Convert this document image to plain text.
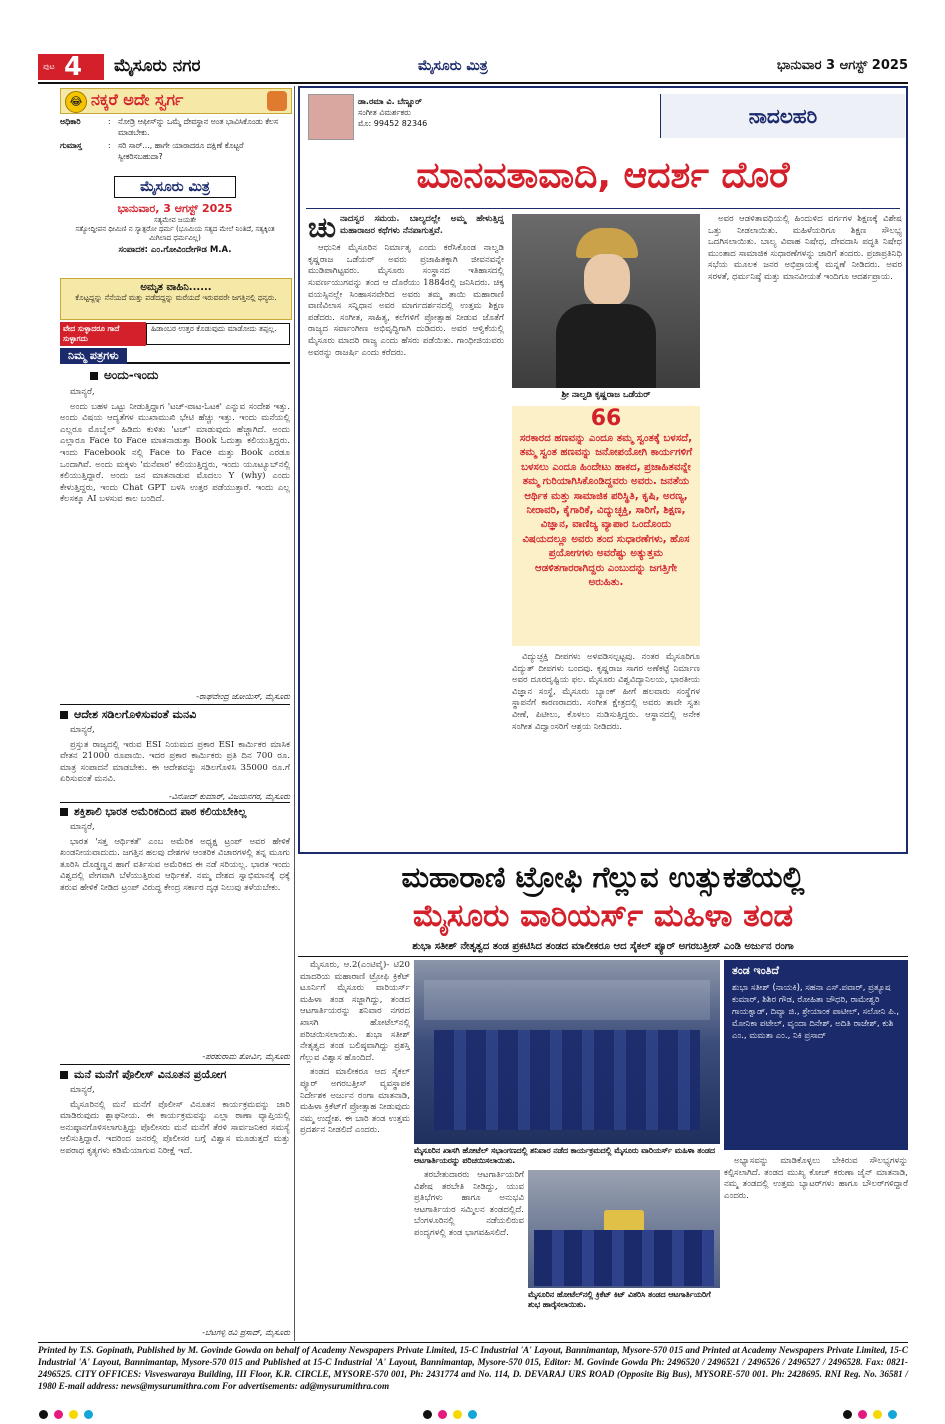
ಪುಟ 4 ಮೈಸೂರು ನಗರ	ಮೈಸೂರು ಮಿತ್ರ	ಭಾನುವಾರ 3 ಆಗಸ್ಟ್ 2025
😂 ನಕ್ಕರೆ ಅದೇ ಸ್ವರ್ಗ
ಅಧಿಕಾರಿ	: ನೋಡ್ರಿ ಆಫೀಸ್‌ನ್ನು ಒಮ್ಮೆ ದೇವಸ್ಥಾನ ಅಂತ ಭಾವಿಸಿಕೊಂಡು ಕೆಲಸ ಮಾಡಬೇಕು.
ಗುಮಾಸ್ತ	: ಸರಿ ಸಾರ್..., ಹಾಗೇ ಯಾರಾದರೂ ದಕ್ಷಿಣೆ ಕೊಟ್ಟರೆ ಸ್ವೀಕರಿಸಬಹುದಾ?
ಮೈಸೂರು ಮಿತ್ರ
ಭಾನುವಾರ, 3 ಆಗಸ್ಟ್ 2025
ಸತ್ಯಮೇವ ಜಯತೇ
ಸತ್ಯೋದ್ದೀಪನ ಧೀಮಿಣಿ ನ ಸ್ಯಾತ್ಪರೋ ಧರ್ಮ (ಭೂಮಿಯ ಸತ್ಯದ ಮೇಲೆ ನಿಂತಿದೆ, ಸತ್ಯಕ್ಕಿಂತ ಮಿಗಿಲಾದ ಧರ್ಮವಿಲ್ಲ)
ಸಂಪಾದಕ: ಎಂ.ಗೋವಿಂದೇಗೌಡ M.A.
ಅಮೃತ ವಾಹಿನಿ......
ಕೊಟ್ಟದ್ದನ್ನು ನೆನೆಯದೆ ಮತ್ತು ಪಡೆದದ್ದನ್ನು ಮರೆಯದೆ ಇರುವವರೇ ಜಗತ್ತಿನಲ್ಲಿ ಧನ್ಯರು.
ವೇದ ಸುಳ್ಳಾದರೂ ಗಾದೆ ಸುಳ್ಳಾಗದು
ಹಿಡಾಂಬರ ಉತ್ತರ ಕೊಡುವುದು ಮಾಡೋದು ತಪ್ಪಲ್ಲ.
ನಿಮ್ಮ ಪತ್ರಗಳು
ಅಂದು-ಇಂದು

ಮಾನ್ಯರೆ,

ಅಂದು ಬಹಳ ಒಟ್ಟು ನೀಡುತ್ತಿದ್ದಾಗ 'ಟಚ್-ವಾಟ-ಓಟಕ' ಎನ್ನುವ ಸಂದೇಶ ಇತ್ತು. ಅಂದು ವಿಷಯ ಆದ್ಯತೆಗಳ ಮುಖಾಮುಖಿ ಭೇಟಿ ಹೆಚ್ಚು ಇತ್ತು. ಇಂದು ಮನೆಯಲ್ಲಿ ಎಲ್ಲರೂ ಮೊಬೈಲ್ ಹಿಡಿದು ಕುಳಿತು 'ಟಚ್' ಮಾಡುವುದು ಹೆಚ್ಚಾಗಿದೆ. ಅಂದು ಎಲ್ಲಾರೂ Face to Face ಮಾತನಾಡುತ್ತಾ Book ಓದುತ್ತಾ ಕಲಿಯುತ್ತಿದ್ದರು. ಇಂದು Facebook ನಲ್ಲಿ Face to Face ಮತ್ತು Book ಎರಡೂ ಒಂದಾಗಿವೆ. ಅಂದು ಮಕ್ಕಳು 'ಮನೆಪಾಠ' ಕಲಿಯುತ್ತಿದ್ದರು, ಇಂದು ಯೂಟ್ಯೂಬ್‌ನಲ್ಲಿ ಕಲಿಯುತ್ತಿದ್ದಾರೆ. ಅಂದು ಜನ ಮಾತನಾಡುವ ಮೊದಲು Y (why) ಎಂದು ಕೇಳುತ್ತಿದ್ದರು, ಇಂದು Chat GPT ಬಳಸಿ ಉತ್ತರ ಪಡೆಯುತ್ತಾರೆ. ಇಂದು ಎಲ್ಲ ಕೆಲಸಕ್ಕೂ AI ಬಳಸುವ ಕಾಲ ಬಂದಿದೆ.

-ರಾಘವೇಂದ್ರ ಜೋಯಿಸ್, ಮೈಸೂರು
ಆದೇಶ ಸಡಿಲಗೊಳಿಸುವಂತೆ ಮನವಿ

ಮಾನ್ಯರೆ,

ಪ್ರಸ್ತುತ ರಾಜ್ಯದಲ್ಲಿ ಇರುವ ESI ನಿಯಮದ ಪ್ರಕಾರ ESI ಕಾರ್ಮಿಕರ ಮಾಸಿಕ ವೇತನ 21000 ರೂಪಾಯಿ. ಇದರ ಪ್ರಕಾರ ಕಾರ್ಮಿಕರು ಪ್ರತಿ ದಿನ 700 ರೂ. ಮಾತ್ರ ಸಂಪಾದನೆ ಮಾಡಬೇಕು. ಈ ಆದೇಶವನ್ನು ಸಡಿಲಗೊಳಿಸಿ 35000 ರೂ.ಗೆ ಏರಿಸುವಂತೆ ಮನವಿ.

-ವಿನೋದ್ ಕುಮಾರ್, ವಿಜಯನಗರ, ಮೈಸೂರು
ಶಕ್ತಿಶಾಲಿ ಭಾರತ ಅಮೆರಿಕದಿಂದ ಪಾಠ ಕಲಿಯಬೇಕಿಲ್ಲ

ಮಾನ್ಯರೆ,

ಭಾರತ 'ಸತ್ತ ಆರ್ಥಿಕತೆ' ಎಂಬ ಅಮೆರಿಕ ಅಧ್ಯಕ್ಷ ಟ್ರಂಪ್ ಅವರ ಹೇಳಿಕೆ ಖಂಡನೀಯವಾದುದು. ಜಗತ್ತಿನ ಹಲವು ದೇಶಗಳ ಆಂತರಿಕ ವಿಚಾರಗಳಲ್ಲಿ ತನ್ನ ಮೂಗು ತೂರಿಸಿ ದೊಡ್ಡಣ್ಣನ ಹಾಗೆ ವರ್ತಿಸುವ ಅಮೆರಿಕದ ಈ ನಡೆ ಸರಿಯಲ್ಲ. ಭಾರತ ಇಂದು ವಿಶ್ವದಲ್ಲಿ ವೇಗವಾಗಿ ಬೆಳೆಯುತ್ತಿರುವ ಆರ್ಥಿಕತೆ. ನಮ್ಮ ದೇಶದ ಸ್ವಾಭಿಮಾನಕ್ಕೆ ಧಕ್ಕೆ ತರುವ ಹೇಳಿಕೆ ನೀಡಿದ ಟ್ರಂಪ್ ವಿರುದ್ಧ ಕೇಂದ್ರ ಸರ್ಕಾರ ದೃಢ ನಿಲುವು ತಳೆಯಬೇಕು.

-ಪರಶುರಾಮ ತೋರ್ವಿ, ಮೈಸೂರು
ಮನೆ ಮನೆಗೆ ಪೊಲೀಸ್ ವಿನೂತನ ಪ್ರಯೋಗ

ಮಾನ್ಯರೆ,

ಮೈಸೂರಿನಲ್ಲಿ ಮನೆ ಮನೆಗೆ ಪೊಲೀಸ್ ವಿನೂತನ ಕಾರ್ಯಕ್ರಮವನ್ನು ಜಾರಿ ಮಾಡಿರುವುದು ಶ್ಲಾಘನೀಯ. ಈ ಕಾರ್ಯಕ್ರಮವನ್ನು ಎಲ್ಲಾ ಠಾಣಾ ವ್ಯಾಪ್ತಿಯಲ್ಲಿ ಅನುಷ್ಠಾನಗೊಳಿಸಲಾಗುತ್ತಿದ್ದು ಪೊಲೀಸರು ಮನೆ ಮನೆಗೆ ತೆರಳಿ ಸಾರ್ವಜನಿಕರ ಸಮಸ್ಯೆ ಆಲಿಸುತ್ತಿದ್ದಾರೆ. ಇದರಿಂದ ಜನರಲ್ಲಿ ಪೊಲೀಸರ ಬಗ್ಗೆ ವಿಶ್ವಾಸ ಮೂಡುತ್ತದೆ ಮತ್ತು ಅಪರಾಧ ಕೃತ್ಯಗಳು ಕಡಿಮೆಯಾಗುವ ನಿರೀಕ್ಷೆ ಇದೆ.

-ಬೆಟಗಳ್ಳಿ ರವಿ ಪ್ರಸಾದ್, ಮೈಸೂರು
ಡಾ.ರಮಾ ವಿ. ಬೆಣ್ಣೂರ್
ಸಂಗೀತ ವಿಮರ್ಶಕರು
ಮೊ: 99452 82346	ನಾದಲಹರಿ
ಮಾನವತಾವಾದಿ, ಆದರ್ಶ ದೊರೆ
ಚುನಾದಸ್ವರ ಸಮಯ. ಬಾಲ್ಯದಲ್ಲೇ ಅಮ್ಮ ಹೇಳುತ್ತಿದ್ದ ಮಹಾರಾಜರ ಕಥೆಗಳು ನೆನಪಾಗುತ್ತವೆ.

ಆಧುನಿಕ ಮೈಸೂರಿನ ನಿರ್ಮಾತೃ ಎಂದು ಕರೆಸಿಕೊಂಡ ನಾಲ್ವಡಿ ಕೃಷ್ಣರಾಜ ಒಡೆಯರ್ ಅವರು ಪ್ರಜಾಹಿತಕ್ಕಾಗಿ ಜೀವನವನ್ನೇ ಮುಡಿಪಾಗಿಟ್ಟವರು. ಮೈಸೂರು ಸಂಸ್ಥಾನದ ಇತಿಹಾಸದಲ್ಲಿ ಸುವರ್ಣಯುಗವನ್ನು ತಂದ ಆ ದೊರೆಯು 1884ರಲ್ಲಿ ಜನಿಸಿದರು. ಚಿಕ್ಕ ವಯಸ್ಸಿನಲ್ಲೇ ಸಿಂಹಾಸನವೇರಿದ ಅವರು ತಮ್ಮ ತಾಯಿ ಮಹಾರಾಣಿ ವಾಣಿವಿಲಾಸ ಸನ್ನಿಧಾನ ಅವರ ಮಾರ್ಗದರ್ಶನದಲ್ಲಿ ಉತ್ತಮ ಶಿಕ್ಷಣ ಪಡೆದರು. ಸಂಗೀತ, ಸಾಹಿತ್ಯ, ಕಲೆಗಳಿಗೆ ಪ್ರೋತ್ಸಾಹ ನೀಡುವ ಜೊತೆಗೆ ರಾಜ್ಯದ ಸರ್ವಾಂಗೀಣ ಅಭಿವೃದ್ಧಿಗಾಗಿ ದುಡಿದರು. ಅವರ ಆಳ್ವಿಕೆಯಲ್ಲಿ ಮೈಸೂರು ಮಾದರಿ ರಾಜ್ಯ ಎಂದು ಹೆಸರು ಪಡೆಯಿತು. ಗಾಂಧೀಜಿಯವರು ಅವರನ್ನು ರಾಜರ್ಷಿ ಎಂದು ಕರೆದರು.

ಶ್ರೀ ನಾಲ್ವಡಿ ಕೃಷ್ಣರಾಜ ಒಡೆಯರ್
66
ಸರಕಾರದ ಹಣವನ್ನು ಎಂದೂ ತಮ್ಮ ಸ್ವಂತಕ್ಕೆ ಬಳಸದೆ, ತಮ್ಮ ಸ್ವಂತ ಹಣವನ್ನು ಜನೋಪಯೋಗಿ ಕಾರ್ಯಗಳಿಗೆ ಬಳಸಲು ಎಂದೂ ಹಿಂದೇಟು ಹಾಕದ, ಪ್ರಜಾಹಿತವನ್ನೇ ತಮ್ಮ ಗುರಿಯಾಗಿಸಿಕೊಂಡಿದ್ದವರು ಅವರು. ಜನತೆಯ ಆರ್ಥಿಕ ಮತ್ತು ಸಾಮಾಜಿಕ ಪರಿಸ್ಥಿತಿ, ಕೃಷಿ, ಅರಣ್ಯ, ನೀರಾವರಿ, ಕೈಗಾರಿಕೆ, ವಿದ್ಯುಚ್ಛಕ್ತಿ, ಸಾರಿಗೆ, ಶಿಕ್ಷಣ, ವಿಜ್ಞಾನ, ವಾಣಿಜ್ಯ ವ್ಯಾಪಾರ ಒಂದೊಂದು ವಿಷಯದಲ್ಲೂ ಅವರು ತಂದ ಸುಧಾರಣೆಗಳು, ಹೊಸ ಪ್ರಯೋಗಗಳು ಅವರೆಷ್ಟು ಅತ್ಯುತ್ತಮ ಆಡಳಿತಗಾರರಾಗಿದ್ದರು ಎಂಬುದನ್ನು ಜಗತ್ತಿಗೇ ಅರುಹಿತು.

ವಿದ್ಯುಚ್ಛಕ್ತಿ ದೀಪಗಳು ಅಳವಡಿಸಲ್ಪಟ್ಟವು. ನಂತರ ಮೈಸೂರಿಗೂ ವಿದ್ಯುತ್ ದೀಪಗಳು ಬಂದವು. ಕೃಷ್ಣರಾಜ ಸಾಗರ ಅಣೆಕಟ್ಟೆ ನಿರ್ಮಾಣ ಅವರ ದೂರದೃಷ್ಟಿಯ ಫಲ. ಮೈಸೂರು ವಿಶ್ವವಿದ್ಯಾನಿಲಯ, ಭಾರತೀಯ ವಿಜ್ಞಾನ ಸಂಸ್ಥೆ, ಮೈಸೂರು ಬ್ಯಾಂಕ್ ಹೀಗೆ ಹಲವಾರು ಸಂಸ್ಥೆಗಳ ಸ್ಥಾಪನೆಗೆ ಕಾರಣರಾದರು. ಸಂಗೀತ ಕ್ಷೇತ್ರದಲ್ಲಿ ಅವರು ತಾವೇ ಸ್ವತಃ ವೀಣೆ, ಪಿಟೀಲು, ಕೊಳಲು ನುಡಿಸುತ್ತಿದ್ದರು. ಆಸ್ಥಾನದಲ್ಲಿ ಅನೇಕ ಸಂಗೀತ ವಿದ್ವಾಂಸರಿಗೆ ಆಶ್ರಯ ನೀಡಿದರು.

ಅವರ ಆಡಳಿತಾವಧಿಯಲ್ಲಿ ಹಿಂದುಳಿದ ವರ್ಗಗಳ ಶಿಕ್ಷಣಕ್ಕೆ ವಿಶೇಷ ಒತ್ತು ನೀಡಲಾಯಿತು. ಮಹಿಳೆಯರಿಗೂ ಶಿಕ್ಷಣ ಸೌಲಭ್ಯ ಒದಗಿಸಲಾಯಿತು. ಬಾಲ್ಯ ವಿವಾಹ ನಿಷೇಧ, ದೇವದಾಸಿ ಪದ್ಧತಿ ನಿಷೇಧ ಮುಂತಾದ ಸಾಮಾಜಿಕ ಸುಧಾರಣೆಗಳನ್ನು ಜಾರಿಗೆ ತಂದರು. ಪ್ರಜಾಪ್ರತಿನಿಧಿ ಸಭೆಯ ಮೂಲಕ ಜನರ ಅಭಿಪ್ರಾಯಕ್ಕೆ ಮನ್ನಣೆ ನೀಡಿದರು. ಅವರ ಸರಳತೆ, ಧರ್ಮನಿಷ್ಠೆ ಮತ್ತು ಮಾನವೀಯತೆ ಇಂದಿಗೂ ಆದರ್ಶಪ್ರಾಯ.

ಮಹಾರಾಣಿ ಟ್ರೋಫಿ ಗೆಲ್ಲುವ ಉತ್ಸುಕತೆಯಲ್ಲಿ
ಮೈಸೂರು ವಾರಿಯರ್ಸ್ ಮಹಿಳಾ ತಂಡ
ಶುಭಾ ಸತೀಶ್ ನೇತೃತ್ವದ ತಂಡ ಪ್ರಕಟಿಸಿದ ತಂಡದ ಮಾಲೀಕರೂ ಆದ ಸೈಕಲ್ ಪ್ಯೂರ್ ಅಗರಬತ್ತೀಸ್ ಎಂಡಿ ಅರ್ಜುನ ರಂಗಾ

ಮೈಸೂರು, ಆ.2(ಎಂಟಿವೈ)- ಟಿ20 ಮಾದರಿಯ ಮಹಾರಾಣಿ ಟ್ರೋಫಿ ಕ್ರಿಕೆಟ್ ಟೂರ್ನಿಗೆ ಮೈಸೂರು ವಾರಿಯರ್ಸ್ ಮಹಿಳಾ ತಂಡ ಸಜ್ಜಾಗಿದ್ದು, ತಂಡದ ಆಟಗಾರ್ತಿಯರನ್ನು ಶನಿವಾರ ನಗರದ ಖಾಸಗಿ ಹೋಟೆಲ್‌ನಲ್ಲಿ ಪರಿಚಯಿಸಲಾಯಿತು. ಶುಭಾ ಸತೀಶ್ ನೇತೃತ್ವದ ತಂಡ ಬಲಿಷ್ಠವಾಗಿದ್ದು ಪ್ರಶಸ್ತಿ ಗೆಲ್ಲುವ ವಿಶ್ವಾಸ ಹೊಂದಿದೆ.

ತಂಡದ ಮಾಲೀಕರೂ ಆದ ಸೈಕಲ್ ಪ್ಯೂರ್ ಅಗರಬತ್ತೀಸ್ ವ್ಯವಸ್ಥಾಪಕ ನಿರ್ದೇಶಕ ಅರ್ಜುನ ರಂಗಾ ಮಾತನಾಡಿ, ಮಹಿಳಾ ಕ್ರಿಕೆಟ್‌ಗೆ ಪ್ರೋತ್ಸಾಹ ನೀಡುವುದು ನಮ್ಮ ಉದ್ದೇಶ. ಈ ಬಾರಿ ತಂಡ ಉತ್ತಮ ಪ್ರದರ್ಶನ ನೀಡಲಿದೆ ಎಂದರು.

ಮೈಸೂರಿನ ಖಾಸಗಿ ಹೋಟೆಲ್ ಸಭಾಂಗಣದಲ್ಲಿ ಶನಿವಾರ ನಡೆದ ಕಾರ್ಯಕ್ರಮದಲ್ಲಿ ಮೈಸೂರು ವಾರಿಯರ್ಸ್ ಮಹಿಳಾ ತಂಡದ ಆಟಗಾರ್ತಿಯರನ್ನು ಪರಿಚಯಿಸಲಾಯಿತು.
ತಂಡ ಇಂತಿದೆ
ಶುಭಾ ಸತೀಶ್ (ನಾಯಕಿ), ಸಹನಾ ಎಸ್.ಪವಾರ್, ಪ್ರತ್ಯೂಷ ಕುಮಾರ್, ಶಿಶಿರ ಗೌಡ, ರೋಹಿತಾ ಚೌಧರಿ, ರಾಮೇಶ್ವರಿ ಗಾಯಕ್ವಾಡ್, ದಿವ್ಯಾ ಜಿ., ಶ್ರೇಯಾಂಕ ಪಾಟೀಲ್, ಸಲೋನಿ ಪಿ., ಮೋನಿಕಾ ಪಟೇಲ್, ವೃಂದಾ ದಿನೇಶ್, ಅದಿತಿ ರಾಜೇಶ್, ಕುಶಿ ಎಂ., ಮಮತಾ ಎಂ., ನಿಕಿ ಪ್ರಸಾದ್

ಅಭ್ಯಾಸವನ್ನು ಮಾಡಿಕೊಳ್ಳಲು ಬೇಕಿರುವ ಸೌಲಭ್ಯಗಳನ್ನು ಕಲ್ಪಿಸಲಾಗಿದೆ. ತಂಡದ ಮುಖ್ಯ ಕೋಚ್ ಕರುಣಾ ಜೈನ್ ಮಾತನಾಡಿ, ನಮ್ಮ ತಂಡದಲ್ಲಿ ಉತ್ತಮ ಬ್ಯಾಟರ್‌ಗಳು ಹಾಗೂ ಬೌಲರ್‌ಗಳಿದ್ದಾರೆ ಎಂದರು.

ತರಬೇತುದಾರರು ಆಟಗಾರ್ತಿಯರಿಗೆ ವಿಶೇಷ ತರಬೇತಿ ನೀಡಿದ್ದು, ಯುವ ಪ್ರತಿಭೆಗಳು ಹಾಗೂ ಅನುಭವಿ ಆಟಗಾರ್ತಿಯರ ಸಮ್ಮಿಲನ ತಂಡದಲ್ಲಿದೆ. ಬೆಂಗಳೂರಿನಲ್ಲಿ ನಡೆಯಲಿರುವ ಪಂದ್ಯಗಳಲ್ಲಿ ತಂಡ ಭಾಗವಹಿಸಲಿದೆ.

ಮೈಸೂರಿನ ಹೋಟೆಲ್‌ನಲ್ಲಿ ಕ್ರಿಕೆಟ್ ಕಿಟ್ ವಿತರಿಸಿ ತಂಡದ ಆಟಗಾರ್ತಿಯರಿಗೆ ಶುಭ ಹಾರೈಸಲಾಯಿತು.
Printed by T.S. Gopinath, Published by M. Govinde Gowda on behalf of Academy Newspapers Private Limited, 15-C Industrial 'A' Layout, Bannimantap, Mysore-570 015 and Printed at Academy Newspapers Private Limited, 15-C Industrial 'A' Layout, Bannimantap, Mysore-570 015 and Published at 15-C Industrial 'A' Layout, Bannimantap, Mysore-570 015, Editor: M. Govinde Gowda Ph: 2496520 / 2496521 / 2496526 / 2496527 / 2496528. Fax: 0821-2496525. CITY OFFICES: Visveswaraya Building, III Floor, K.R. CIRCLE, MYSORE-570 001, Ph: 2431774 and No. 114, D. DEVARAJ URS ROAD (Opposite Big Bus), MYSORE-570 001. Ph: 2428695. RNI Reg. No. 36581 / 1980 E-mail address: news@mysurumithra.com For advertisements: ad@mysurumithra.com
